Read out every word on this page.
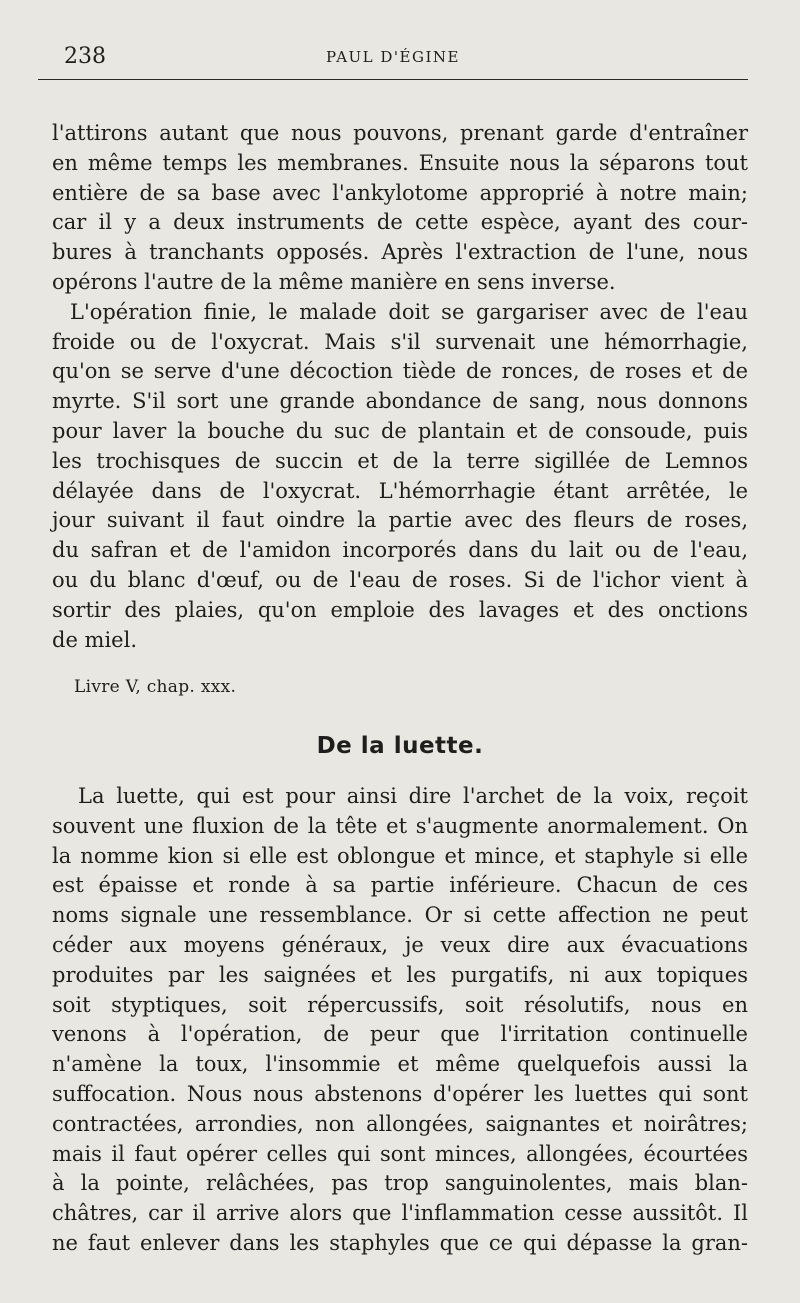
238	PAUL D'ÉGINE
l'attirons autant que nous pouvons, prenant garde d'entraîner
en même temps les membranes. Ensuite nous la séparons tout
entière de sa base avec l'ankylotome approprié à notre main;
car il y a deux instruments de cette espèce, ayant des cour-
bures à tranchants opposés. Après l'extraction de l'une, nous
opérons l'autre de la même manière en sens inverse.
L'opération finie, le malade doit se gargariser avec de l'eau
froide ou de l'oxycrat. Mais s'il survenait une hémorrhagie,
qu'on se serve d'une décoction tiède de ronces, de roses et de
myrte. S'il sort une grande abondance de sang, nous donnons
pour laver la bouche du suc de plantain et de consoude, puis
les trochisques de succin et de la terre sigillée de Lemnos
délayée dans de l'oxycrat. L'hémorrhagie étant arrêtée, le
jour suivant il faut oindre la partie avec des fleurs de roses,
du safran et de l'amidon incorporés dans du lait ou de l'eau,
ou du blanc d'œuf, ou de l'eau de roses. Si de l'ichor vient à
sortir des plaies, qu'on emploie des lavages et des onctions
de miel.
Livre V, chap. xxx.
De la luette.
La luette, qui est pour ainsi dire l'archet de la voix, reçoit
souvent une fluxion de la tête et s'augmente anormalement. On
la nomme kion si elle est oblongue et mince, et staphyle si elle
est épaisse et ronde à sa partie inférieure. Chacun de ces
noms signale une ressemblance. Or si cette affection ne peut
céder aux moyens généraux, je veux dire aux évacuations
produites par les saignées et les purgatifs, ni aux topiques
soit styptiques, soit répercussifs, soit résolutifs, nous en
venons à l'opération, de peur que l'irritation continuelle
n'amène la toux, l'insommie et même quelquefois aussi la
suffocation. Nous nous abstenons d'opérer les luettes qui sont
contractées, arrondies, non allongées, saignantes et noirâtres;
mais il faut opérer celles qui sont minces, allongées, écourtées
à la pointe, relâchées, pas trop sanguinolentes, mais blan-
châtres, car il arrive alors que l'inflammation cesse aussitôt. Il
ne faut enlever dans les staphyles que ce qui dépasse la gran-
